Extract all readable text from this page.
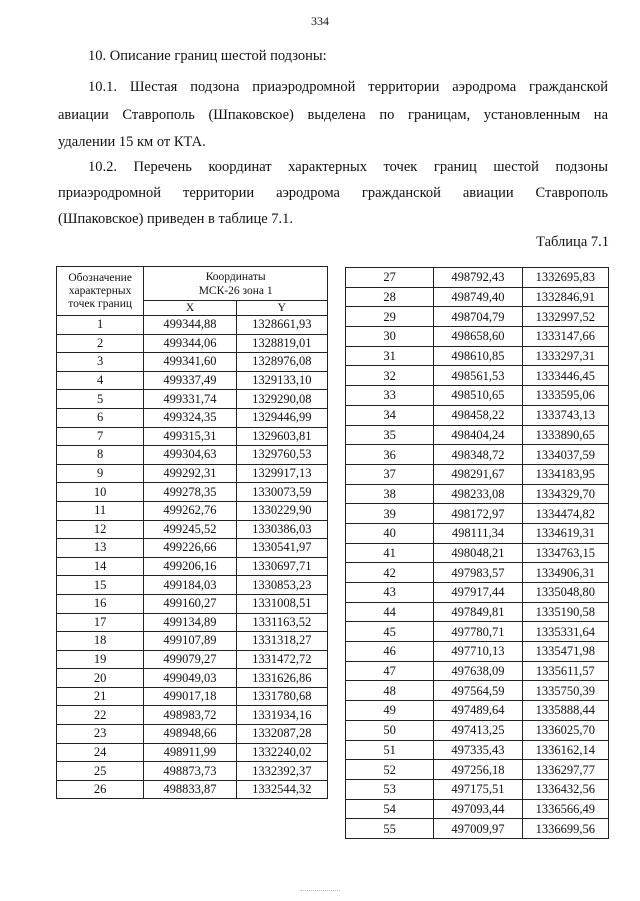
334

10. Описание границ шестой подзоны:

10.1. Шестая подзона приаэродромной территории аэродрома гражданской

авиации Ставрополь (Шпаковское) выделена по границам, установленным на

удалении 15 км от КТА.

10.2. Перечень координат характерных точек границ шестой подзоны

приаэродромной территории аэродрома гражданской авиации Ставрополь

(Шпаковское) приведен в таблице 7.1.

Таблица 7.1
Обозначение
характерных
точек границ	Координаты	
	МСК-26 зона 1	
	X	Y
1	499344,88	1328661,93
2	499344,06	1328819,01
3	499341,60	1328976,08
4	499337,49	1329133,10
5	499331,74	1329290,08
6	499324,35	1329446,99
7	499315,31	1329603,81
8	499304,63	1329760,53
9	499292,31	1329917,13
10	499278,35	1330073,59
11	499262,76	1330229,90
12	499245,52	1330386,03
13	499226,66	1330541,97
14	499206,16	1330697,71
15	499184,03	1330853,23
16	499160,27	1331008,51
17	499134,89	1331163,52
18	499107,89	1331318,27
19	499079,27	1331472,72
20	499049,03	1331626,86
21	499017,18	1331780,68
22	498983,72	1331934,16
23	498948,66	1332087,28
24	498911,99	1332240,02
25	498873,73	1332392,37
26	498833,87	1332544,32
27	498792,43	1332695,83
28	498749,40	1332846,91
29	498704,79	1332997,52
30	498658,60	1333147,66
31	498610,85	1333297,31
32	498561,53	1333446,45
33	498510,65	1333595,06
34	498458,22	1333743,13
35	498404,24	1333890,65
36	498348,72	1334037,59
37	498291,67	1334183,95
38	498233,08	1334329,70
39	498172,97	1334474,82
40	498111,34	1334619,31
41	498048,21	1334763,15
42	497983,57	1334906,31
43	497917,44	1335048,80
44	497849,81	1335190,58
45	497780,71	1335331,64
46	497710,13	1335471,98
47	497638,09	1335611,57
48	497564,59	1335750,39
49	497489,64	1335888,44
50	497413,25	1336025,70
51	497335,43	1336162,14
52	497256,18	1336297,77
53	497175,51	1336432,56
54	497093,44	1336566,49
55	497009,97	1336699,56
